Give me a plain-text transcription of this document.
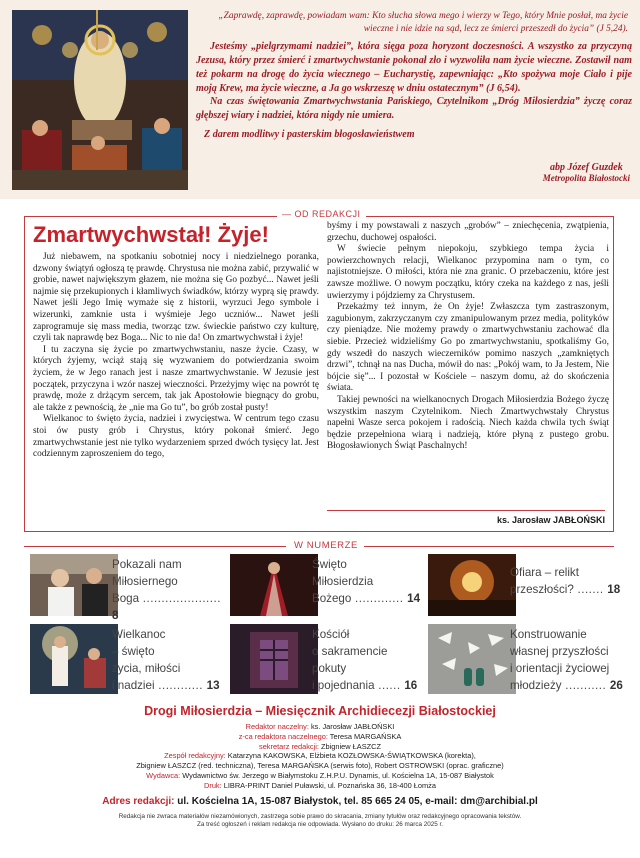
„Zaprawdę, zaprawdę, powiadam wam: Kto słucha słowa mego i wierzy w Tego, który Mnie posłał, ma życie wieczne i nie idzie na sąd, lecz ze śmierci przeszedł do życia” (J 5,24).

Jesteśmy „pielgrzymami nadziei”, która sięga poza horyzont doczesności. A wszystko za przyczyną Jezusa, który przez śmierć i zmartwychwstanie pokonał zło i wyzwoliła nam życie wieczne. Zostawił nam też pokarm na drogę do życia wiecznego – Eucharystię, zapewniając: „Kto spożywa moje Ciało i pije moją Krew, ma życie wieczne, a Ja go wskrzeszę w dniu ostatecznym” (J 6,54).

Na czas świętowania Zmartwychwstania Pańskiego, Czytelnikom „Dróg Miłosierdzia” życzę coraz głębszej wiary i nadziei, która nigdy nie umiera.

Z darem modlitwy i pasterskim błogosławieństwem

abp Józef Guzdek
Metropolita Białostocki
— OD REDAKCJI
Zmartwychwstał! Żyje!

Już niebawem, na spotkaniu sobotniej nocy i niedzielnego poranka, dzwony świątyń ogłoszą tę prawdę. Chrystusa nie można zabić, przywalić w grobie, nawet największym głazem, nie można się Go pozbyć... Nawet jeśli najmie się przekupionych i kłamliwych świadków, którzy wyprą się prawdy. Nawet jeśli Jego Imię wymaże się z historii, wyrzuci Jego symbole i wizerunki, zamknie usta i wyśmieje Jego uczniów... Nawet jeśli zaprogramuje się mass media, tworząc tzw. świeckie państwo czy kulturę, czyli tak naprawdę bez Boga... Nic to nie da! On zmartwychwstał i żyje!

I tu zaczyna się życie po zmartwychwstaniu, nasze życie. Czasy, w których żyjemy, wciąż stają się wyzwaniem do potwierdzania swoim życiem, że w Jego ranach jest i nasze zmartwychwstanie. W Jezusie jest początek, przyczyna i wzór naszej wieczności. Przeżyjmy więc na powrót tę prawdę, może z drżącym sercem, tak jak Apostołowie biegnący do grobu, ale także z pewnością, że „nie ma Go tu”, bo grób został pusty!

Wielkanoc to święto życia, nadziei i zwycięstwa. W centrum tego czasu stoi ów pusty grób i Chrystus, który pokonał śmierć. Jego zmartwychwstanie jest nie tylko wydarzeniem sprzed dwóch tysięcy lat. Jest codziennym zaproszeniem do tego,

byśmy i my powstawali z naszych „grobów” – zniechęcenia, zwątpienia, grzechu, duchowej ospałości.

W świecie pełnym niepokoju, szybkiego tempa życia i powierzchownych relacji, Wielkanoc przypomina nam o tym, co najistotniejsze. O miłości, która nie zna granic. O przebaczeniu, które jest zawsze możliwe. O nowym początku, który czeka na każdego z nas, jeśli uwierzymy i pójdziemy za Chrystusem.

Przekażmy też innym, że On żyje! Zwłaszcza tym zastraszonym, zagubionym, zakrzyczanym czy zmanipulowanym przez media, polityków czy pieniądze. Nie możemy prawdy o zmartwychwstaniu zachować dla siebie. Przecież widzieliśmy Go po zmartwychwstaniu, spotkaliśmy Go, gdy wszedł do naszych wieczerników pomimo naszych „zamkniętych drzwi”, tchnął na nas Ducha, mówił do nas: „Pokój wam, to Ja Jestem, Nie bójcie się”... I pozostał w Kościele – naszym domu, aż do skończenia świata.

Takiej pewności na wielkanocnych Drogach Miłosierdzia Bożego życzę wszystkim naszym Czytelnikom. Niech Zmartwychwstały Chrystus napełni Wasze serca pokojem i radością. Niech każda chwila tych świąt będzie przepełniona wiarą i nadzieją, które płyną z pustego grobu. Błogosławionych Świąt Paschalnych!

ks. Jarosław JABŁOŃSKI
W NUMERZE
Pokazali nam
Miłosiernego
Boga ..................... 8
Święto
Miłosierdzia
Bożego ............. 14
Ofiara – relikt
przeszłości? ....... 18
Wielkanoc
– święto
życia, miłości
i nadziei ............ 13
Kościół
o sakramencie
pokuty
i pojednania ...... 16
Konstruowanie
własnej przyszłości
i orientacji życiowej
młodzieży ........... 26
Drogi Miłosierdzia – Miesięcznik Archidiecezji Białostockiej
Redaktor naczelny: ks. Jarosław JABŁOŃSKI
z-ca redaktora naczelnego: Teresa MARGAŃSKA
sekretarz redakcji: Zbigniew ŁASZCZ
Zespół redakcyjny: Katarzyna KAKOWSKA, Elżbieta KOZŁOWSKA-ŚWIĄTKOWSKA (korekta),
Zbigniew ŁASZCZ (red. techniczna), Teresa MARGAŃSKA (serwis foto), Robert OSTROWSKI (oprac. graficzne)
Wydawca: Wydawnictwo św. Jerzego w Białymstoku Z.H.P.U. Dynamis, ul. Kościelna 1A, 15-087 Białystok
Druk: LIBRA-PRINT Daniel Puławski, ul. Poznańska 36, 18-400 Łomża
Adres redakcji: ul. Kościelna 1A, 15-087 Białystok, tel. 85 665 24 05, e-mail: dm@archibial.pl
Redakcja nie zwraca materiałów niezamówionych, zastrzega sobie prawo do skracania, zmiany tytułów oraz redakcyjnego opracowania tekstów.
Za treść ogłoszeń i reklam redakcja nie odpowiada. Wysłano do druku: 26 marca 2025 r.
